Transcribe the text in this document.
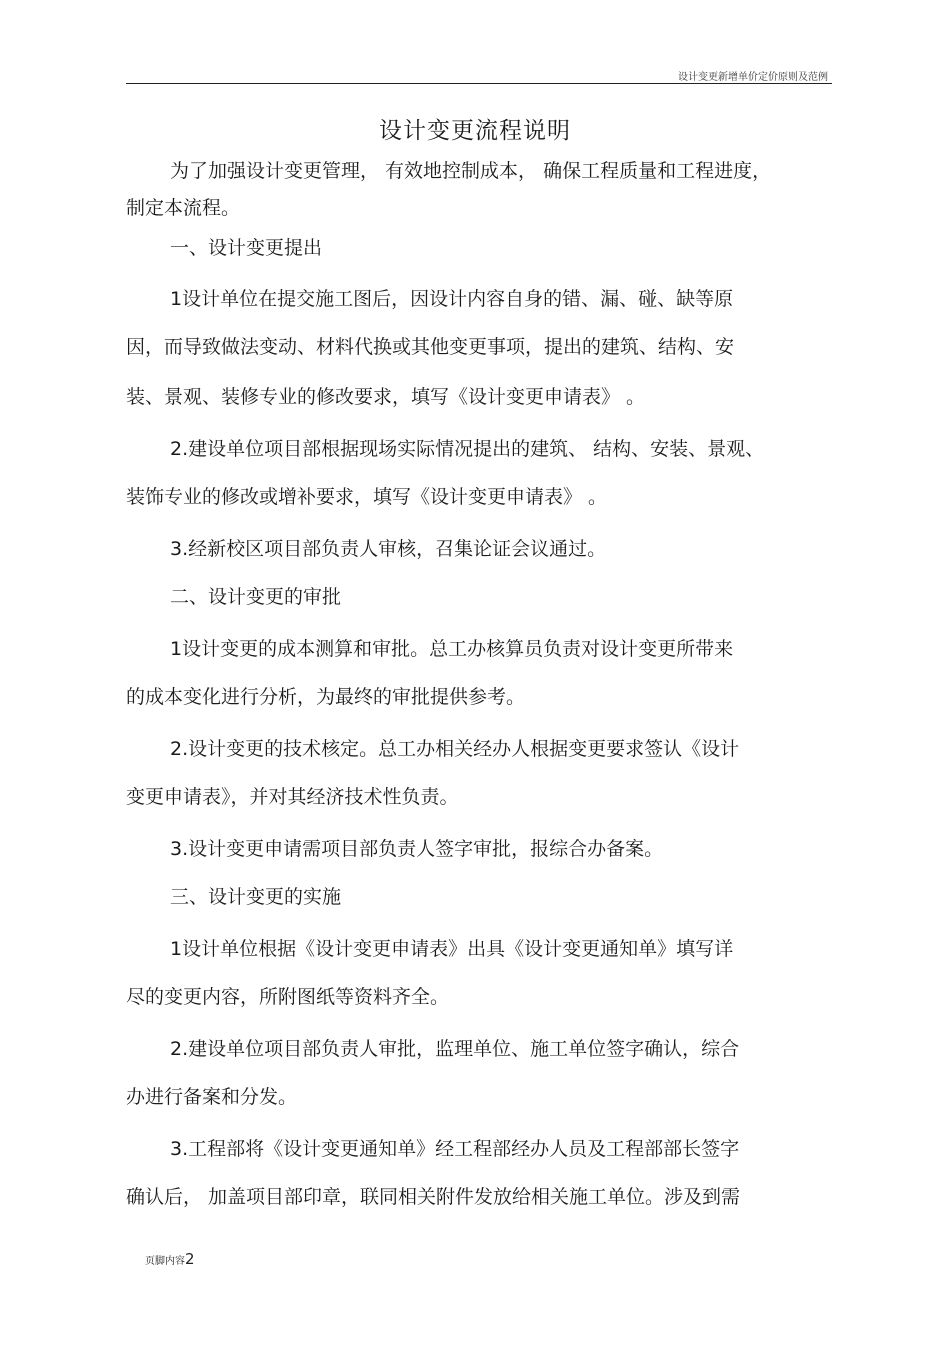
设计变更新增单价定价原则及范例
设计变更流程说明
为了加强设计变更管理， 有效地控制成本， 确保工程质量和工程进度，
制定本流程。
一、设计变更提出
1设计单位在提交施工图后，因设计内容自身的错、漏、碰、缺等原
因，而导致做法变动、材料代换或其他变更事项，提出的建筑、结构、安
装、景观、装修专业的修改要求，填写《设计变更申请表》 。
2.建设单位项目部根据现场实际情况提出的建筑、 结构、安装、景观、
装饰专业的修改或增补要求，填写《设计变更申请表》 。
3.经新校区项目部负责人审核，召集论证会议通过。
二、设计变更的审批
1设计变更的成本测算和审批。总工办核算员负责对设计变更所带来
的成本变化进行分析，为最终的审批提供参考。
2.设计变更的技术核定。总工办相关经办人根据变更要求签认《设计
变更申请表》，并对其经济技术性负责。
3.设计变更申请需项目部负责人签字审批，报综合办备案。
三、设计变更的实施
1设计单位根据《设计变更申请表》出具《设计变更通知单》填写详
尽的变更内容，所附图纸等资料齐全。
2.建设单位项目部负责人审批，监理单位、施工单位签字确认，综合
办进行备案和分发。
3.工程部将《设计变更通知单》经工程部经办人员及工程部部长签字
确认后， 加盖项目部印章，联同相关附件发放给相关施工单位。涉及到需
页脚内容2
